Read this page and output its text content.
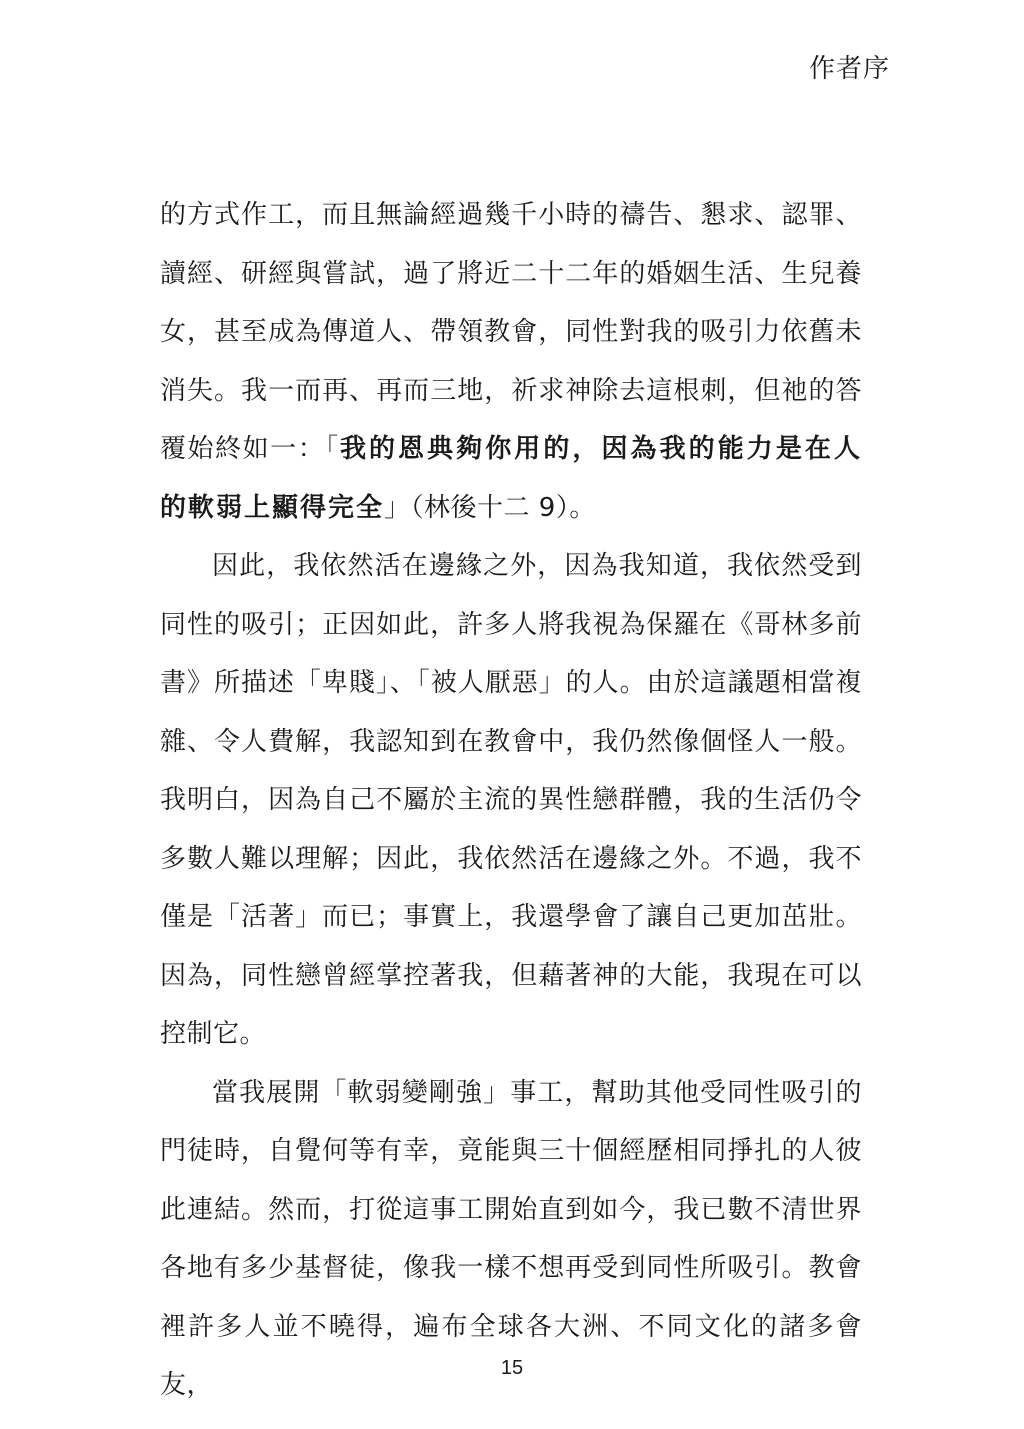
作者序

的方式作工，而且無論經過幾千小時的禱告、懇求、認罪、讀經、研經與嘗試，過了將近二十二年的婚姻生活、生兒養女，甚至成為傳道人、帶領教會，同性對我的吸引力依舊未消失。我一而再、再而三地，祈求神除去這根刺，但祂的答覆始終如一：「我的恩典夠你用的，因為我的能力是在人的軟弱上顯得完全」（林後十二 9）。

因此，我依然活在邊緣之外，因為我知道，我依然受到同性的吸引；正因如此，許多人將我視為保羅在《哥林多前書》所描述「卑賤」、「被人厭惡」的人。由於這議題相當複雜、令人費解，我認知到在教會中，我仍然像個怪人一般。我明白，因為自己不屬於主流的異性戀群體，我的生活仍令多數人難以理解；因此，我依然活在邊緣之外。不過，我不僅是「活著」而已；事實上，我還學會了讓自己更加茁壯。因為，同性戀曾經掌控著我，但藉著神的大能，我現在可以控制它。

當我展開「軟弱變剛強」事工，幫助其他受同性吸引的門徒時，自覺何等有幸，竟能與三十個經歷相同掙扎的人彼此連結。然而，打從這事工開始直到如今，我已數不清世界各地有多少基督徒，像我一樣不想再受到同性所吸引。教會裡許多人並不曉得，遍布全球各大洲、不同文化的諸多會友，

15
